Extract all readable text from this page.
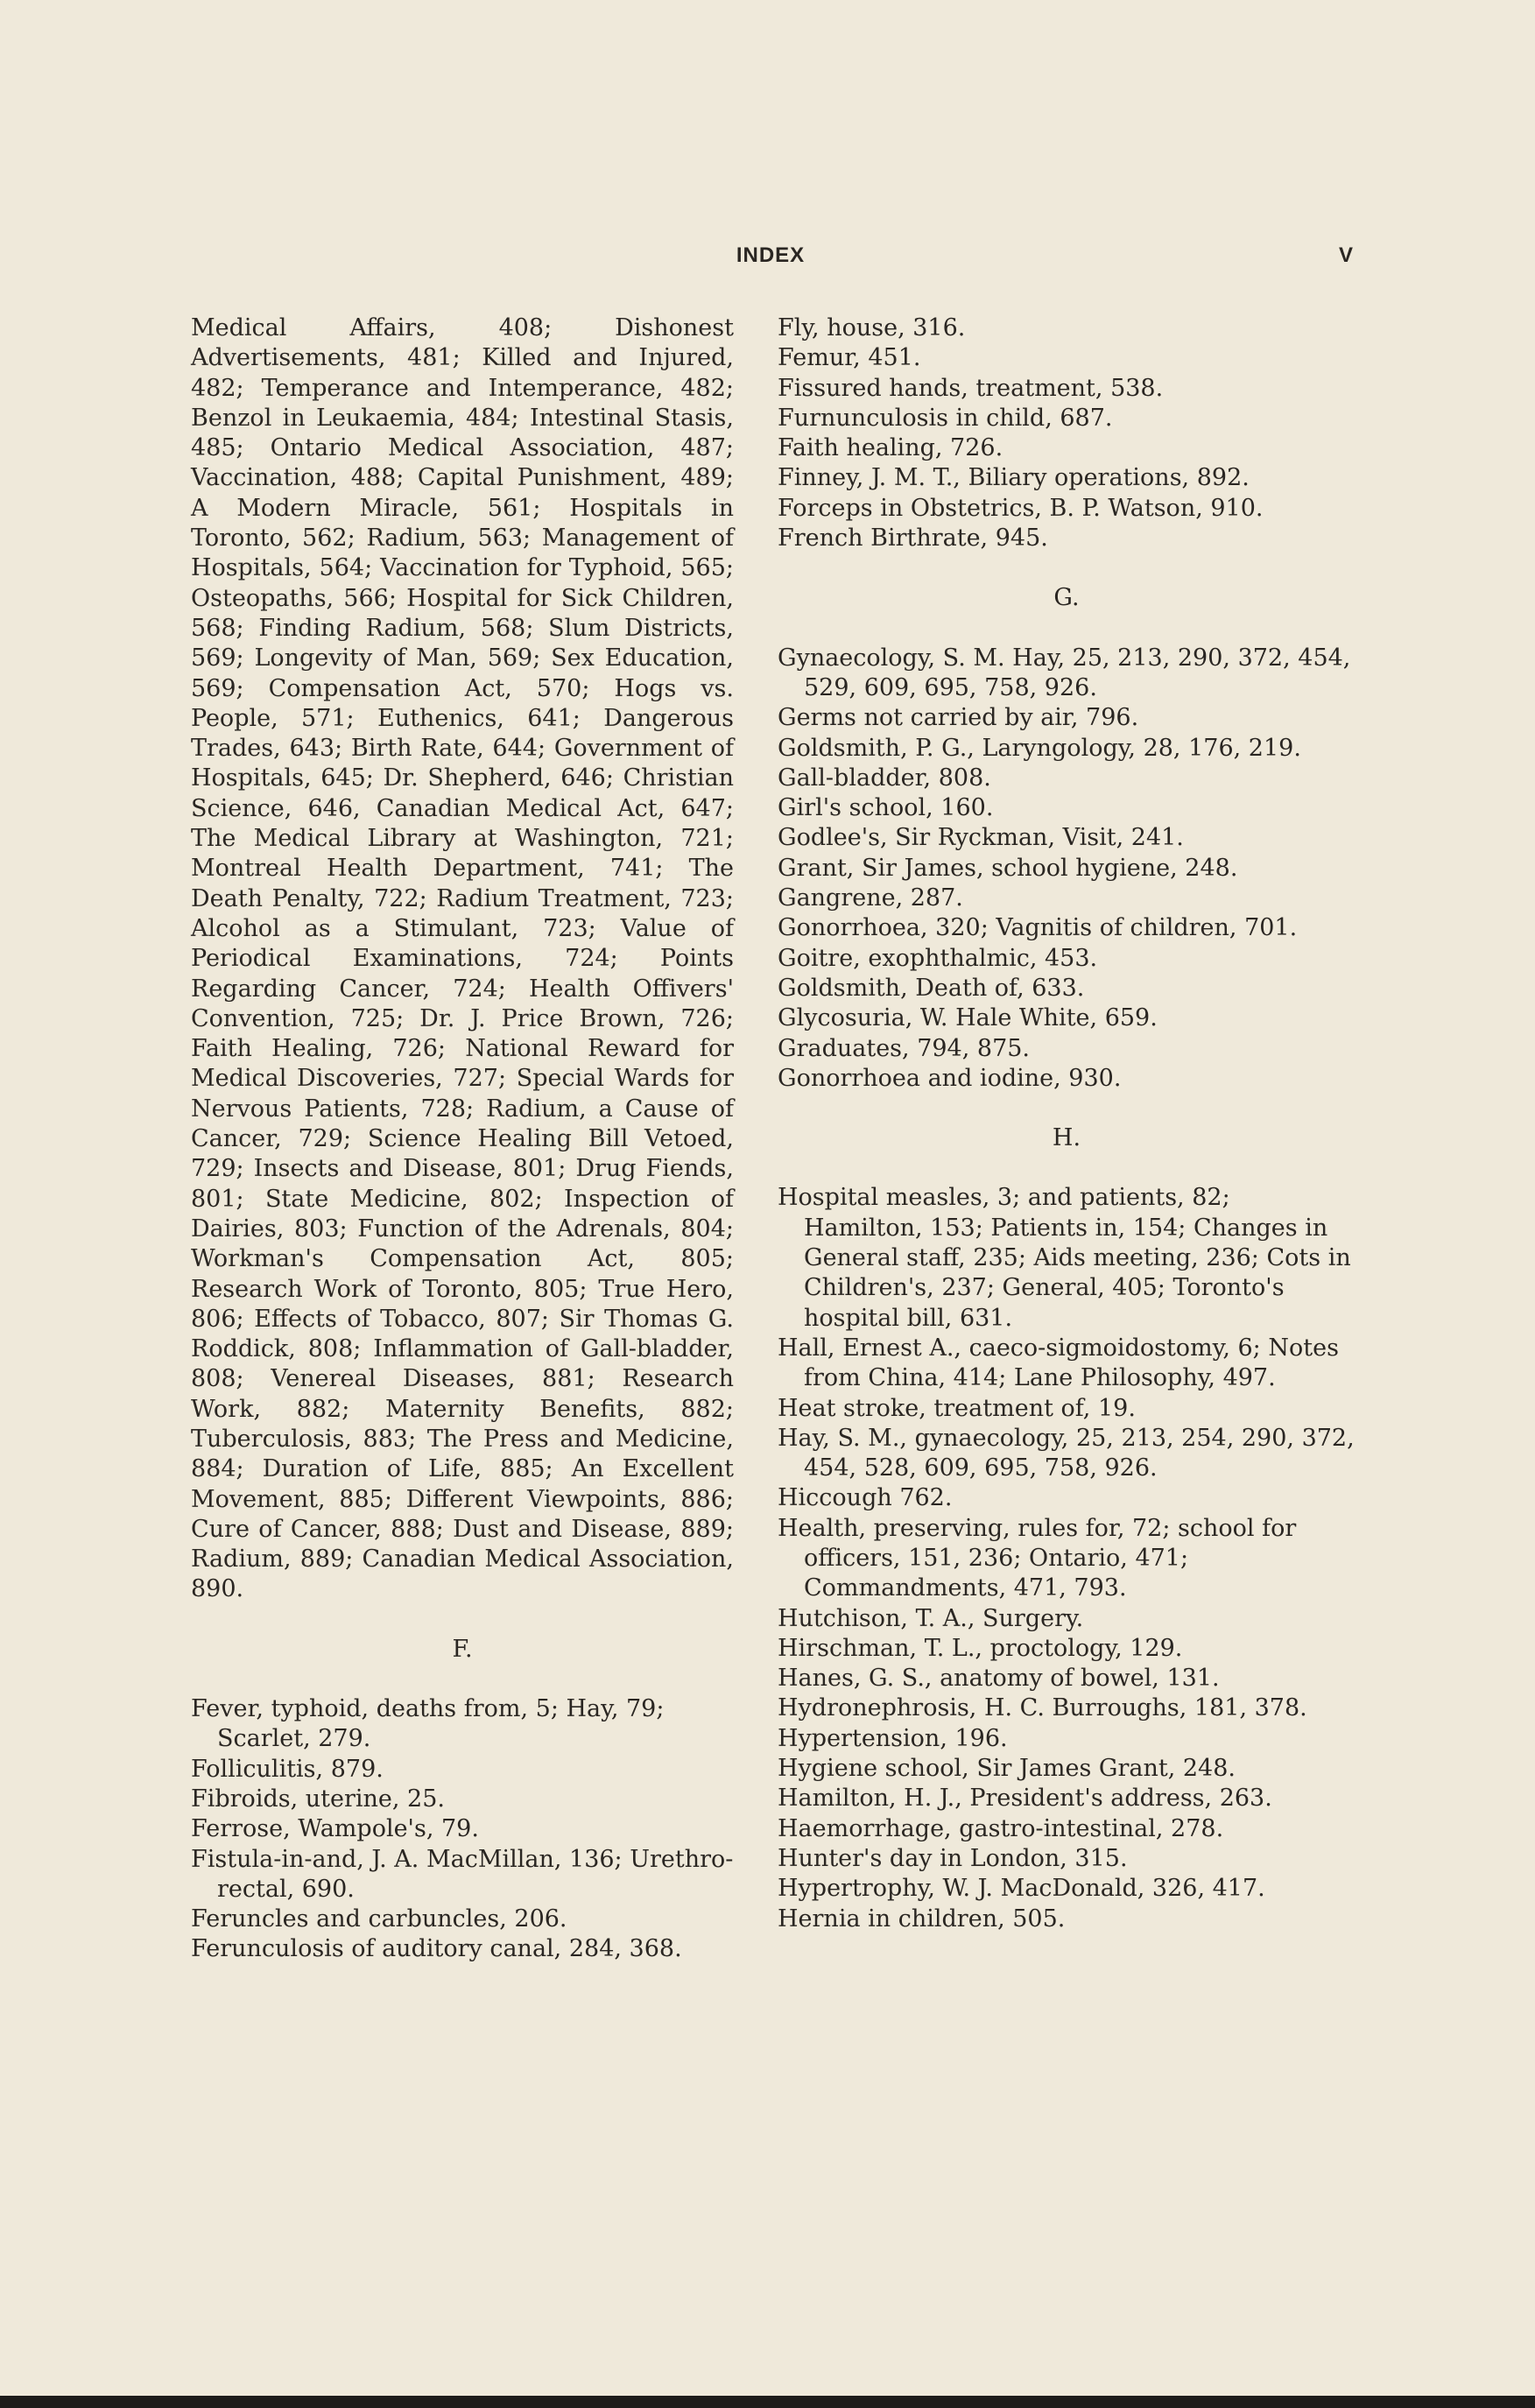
INDEX	V

Medical Affairs, 408; Dishonest Advertisements, 481; Killed and Injured, 482; Temperance and Intemperance, 482; Benzol in Leukaemia, 484; Intestinal Stasis, 485; Ontario Medical Association, 487; Vaccination, 488; Capital Punishment, 489; A Modern Miracle, 561; Hospitals in Toronto, 562; Radium, 563; Management of Hospitals, 564; Vaccination for Typhoid, 565; Osteopaths, 566; Hospital for Sick Children, 568; Finding Radium, 568; Slum Districts, 569; Longevity of Man, 569; Sex Education, 569; Compensation Act, 570; Hogs vs. People, 571; Euthenics, 641; Dangerous Trades, 643; Birth Rate, 644; Government of Hospitals, 645; Dr. Shepherd, 646; Christian Science, 646, Canadian Medical Act, 647; The Medical Library at Washington, 721; Montreal Health Department, 741; The Death Penalty, 722; Radium Treatment, 723; Alcohol as a Stimulant, 723; Value of Periodical Examinations, 724; Points Regarding Cancer, 724; Health Offivers' Convention, 725; Dr. J. Price Brown, 726; Faith Healing, 726; National Reward for Medical Discoveries, 727; Special Wards for Nervous Patients, 728; Radium, a Cause of Cancer, 729; Science Healing Bill Vetoed, 729; Insects and Disease, 801; Drug Fiends, 801; State Medicine, 802; Inspection of Dairies, 803; Function of the Adrenals, 804; Workman's Compensation Act, 805; Research Work of Toronto, 805; True Hero, 806; Effects of Tobacco, 807; Sir Thomas G. Roddick, 808; Inflammation of Gall-bladder, 808; Venereal Diseases, 881; Research Work, 882; Maternity Benefits, 882; Tuberculosis, 883; The Press and Medicine, 884; Duration of Life, 885; An Excellent Movement, 885; Different Viewpoints, 886; Cure of Cancer, 888; Dust and Disease, 889; Radium, 889; Canadian Medical Association, 890.

F.

Fever, typhoid, deaths from, 5; Hay, 79; Scarlet, 279.

Folliculitis, 879.

Fibroids, uterine, 25.

Ferrose, Wampole's, 79.

Fistula-in-and, J. A. MacMillan, 136; Urethro-rectal, 690.

Feruncles and carbuncles, 206.

Ferunculosis of auditory canal, 284, 368.

Fly, house, 316.

Femur, 451.

Fissured hands, treatment, 538.

Furnunculosis in child, 687.

Faith healing, 726.

Finney, J. M. T., Biliary operations, 892.

Forceps in Obstetrics, B. P. Watson, 910.

French Birthrate, 945.

G.

Gynaecology, S. M. Hay, 25, 213, 290, 372, 454, 529, 609, 695, 758, 926.

Germs not carried by air, 796.

Goldsmith, P. G., Laryngology, 28, 176, 219.

Gall-bladder, 808.

Girl's school, 160.

Godlee's, Sir Ryckman, Visit, 241.

Grant, Sir James, school hygiene, 248.

Gangrene, 287.

Gonorrhoea, 320; Vagnitis of children, 701.

Goitre, exophthalmic, 453.

Goldsmith, Death of, 633.

Glycosuria, W. Hale White, 659.

Graduates, 794, 875.

Gonorrhoea and iodine, 930.

H.

Hospital measles, 3; and patients, 82; Hamilton, 153; Patients in, 154; Changes in General staff, 235; Aids meeting, 236; Cots in Children's, 237; General, 405; Toronto's hospital bill, 631.

Hall, Ernest A., caeco-sigmoidostomy, 6; Notes from China, 414; Lane Philosophy, 497.

Heat stroke, treatment of, 19.

Hay, S. M., gynaecology, 25, 213, 254, 290, 372, 454, 528, 609, 695, 758, 926.

Hiccough 762.

Health, preserving, rules for, 72; school for officers, 151, 236; Ontario, 471; Commandments, 471, 793.

Hutchison, T. A., Surgery.

Hirschman, T. L., proctology, 129.

Hanes, G. S., anatomy of bowel, 131.

Hydronephrosis, H. C. Burroughs, 181, 378.

Hypertension, 196.

Hygiene school, Sir James Grant, 248.

Hamilton, H. J., President's address, 263.

Haemorrhage, gastro-intestinal, 278.

Hunter's day in London, 315.

Hypertrophy, W. J. MacDonald, 326, 417.

Hernia in children, 505.
